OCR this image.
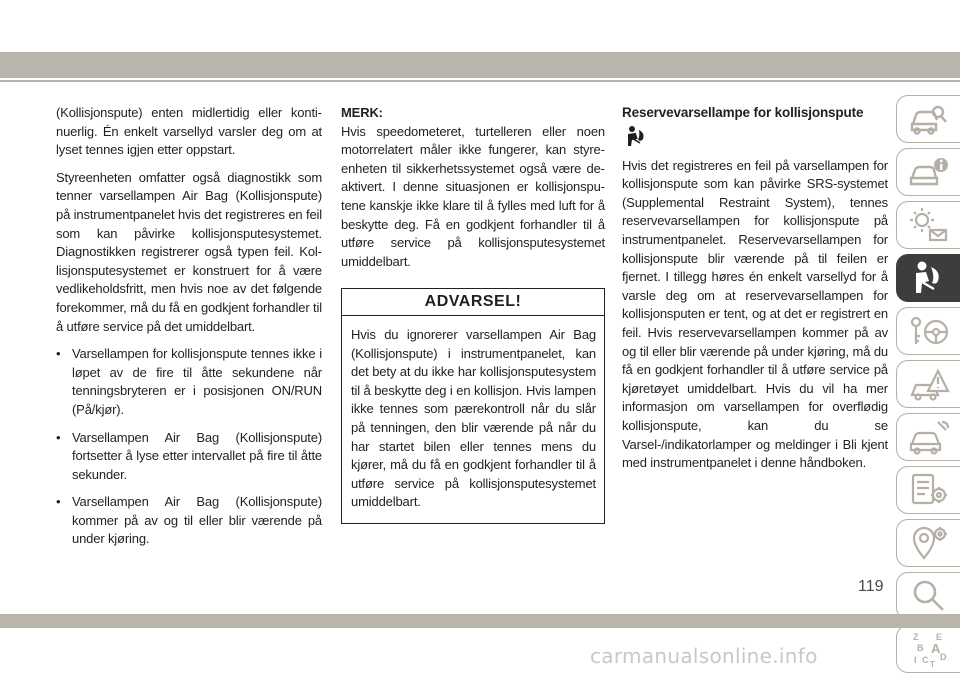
(Kollisjonspute) enten midlertidig eller kontinuerlig. Én enkelt varsellyd varsler deg om at lyset tennes igjen etter oppstart.

Styreenheten omfatter også diagnostikk som tenner varsellampen Air Bag (Kollisjonspute) på instrumentpanelet hvis det registreres en feil som kan påvirke kollisjonsputesystemet. Diagnostikken registrerer også typen feil. Kollisjonsputesystemet er konstruert for å være vedlikeholdsfritt, men hvis noe av det følgende forekommer, må du få en godkjent forhandler til å utføre service på det umiddelbart.

• Varsellampen for kollisjonspute tennes ikke i løpet av de fire til åtte sekundene når tenningsbryteren er i posisjonen ON/RUN (På/kjør).
• Varsellampen Air Bag (Kollisjonspute) fortsetter å lyse etter intervallet på fire til åtte sekunder.
• Varsellampen Air Bag (Kollisjonspute) kommer på av og til eller blir værende på under kjøring.
MERK:

Hvis speedometeret, turtelleren eller noen motorrelatert måler ikke fungerer, kan styreenheten til sikkerhetssystemet også være deaktivert. I denne situasjonen er kollisjonsputene kanskje ikke klare til å fylles med luft for å beskytte deg. Få en godkjent forhandler til å utføre service på kollisjonsputesystemet umiddelbart.

ADVARSEL!
Hvis du ignorerer varsellampen Air Bag (Kollisjonspute) i instrumentpanelet, kan det bety at du ikke har kollisjonsputesystem til å beskytte deg i en kollisjon. Hvis lampen ikke tennes som pærekontroll når du slår på tenningen, den blir værende på når du har startet bilen eller tennes mens du kjører, må du få en godkjent forhandler til å utføre service på kollisjonsputesystemet umiddelbart.
Reservevarsellampe for kollisjonspute

Hvis det registreres en feil på varsellampen for kollisjonspute som kan påvirke SRS-systemet (Supplemental Restraint System), tennes reservevarsellampen for kollisjonspute på instrumentpanelet. Reservevarsellampen for kollisjonspute blir værende på til feilen er fjernet. I tillegg høres én enkelt varsellyd for å varsle deg om at reservevarsellampen for kollisjonsputen er tent, og at det er registrert en feil. Hvis reservevarsellampen kommer på av og til eller blir værende på under kjøring, må du få en godkjent forhandler til å utføre service på kjøretøyet umiddelbart. Hvis du vil ha mer informasjon om varsellampen for overflødig kollisjonspute, kan du se Varsel-/indikatorlamper og meldinger i Bli kjent med instrumentpanelet i denne håndboken.

Z E
B A
C D
I T
119
carmanualsonline.info
